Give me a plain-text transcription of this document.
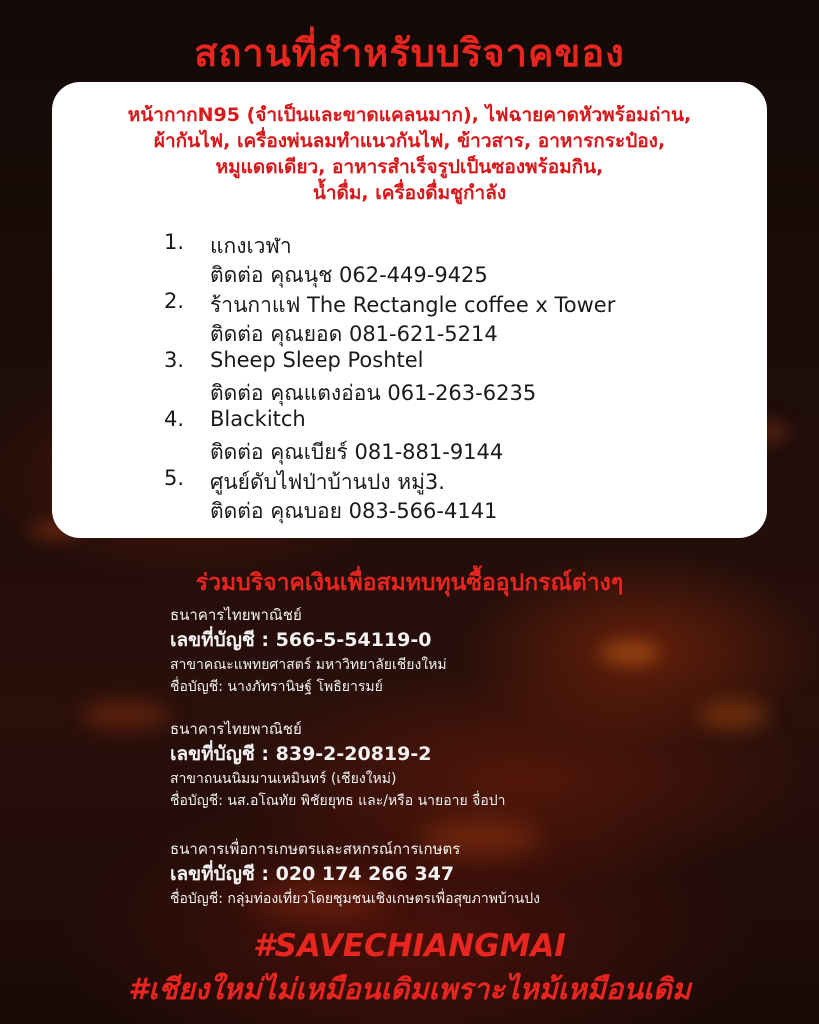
สถานที่สำหรับบริจาคของ
หน้ากากN95 (จำเป็นและขาดแคลนมาก), ไฟฉายคาดหัวพร้อมถ่าน,
ผ้ากันไฟ, เครื่องพ่นลมทำแนวกันไฟ, ข้าวสาร, อาหารกระป๋อง,
หมูแดดเดียว, อาหารสำเร็จรูปเป็นซองพร้อมกิน,
น้ำดื่ม, เครื่องดื่มชูกำลัง
1. แกงเวฬา
ติดต่อ คุณนุช 062-449-9425
2. ร้านกาแฟ The Rectangle coffee x Tower
ติดต่อ คุณยอด 081-621-5214
3. Sheep Sleep Poshtel
ติดต่อ คุณแตงอ่อน 061-263-6235
4. Blackitch
ติดต่อ คุณเบียร์ 081-881-9144
5. ศูนย์ดับไฟป่าบ้านปง หมู่3.
ติดต่อ คุณบอย 083-566-4141
ร่วมบริจาคเงินเพื่อสมทบทุนซื้ออุปกรณ์ต่างๆ
ธนาคารไทยพาณิชย์
เลขที่บัญชี : 566-5-54119-0
สาขาคณะแพทยศาสตร์ มหาวิทยาลัยเชียงใหม่
ชื่อบัญชี: นางภัทรานิษฐ์ โพธิยารมย์
ธนาคารไทยพาณิชย์
เลขที่บัญชี : 839-2-20819-2
สาขาถนนนิมมานเหมินทร์ (เชียงใหม่)
ชื่อบัญชี: นส.อโณทัย พิชัยยุทธ และ/หรือ นายอาย จื่อปา
ธนาคารเพื่อการเกษตรและสหกรณ์การเกษตร
เลขที่บัญชี : 020 174 266 347
ชื่อบัญชี: กลุ่มท่องเที่ยวโดยชุมชนเชิงเกษตรเพื่อสุขภาพบ้านปง
#SAVECHIANGMAI
#เชียงใหม่ไม่เหมือนเดิมเพราะไหม้เหมือนเดิม
